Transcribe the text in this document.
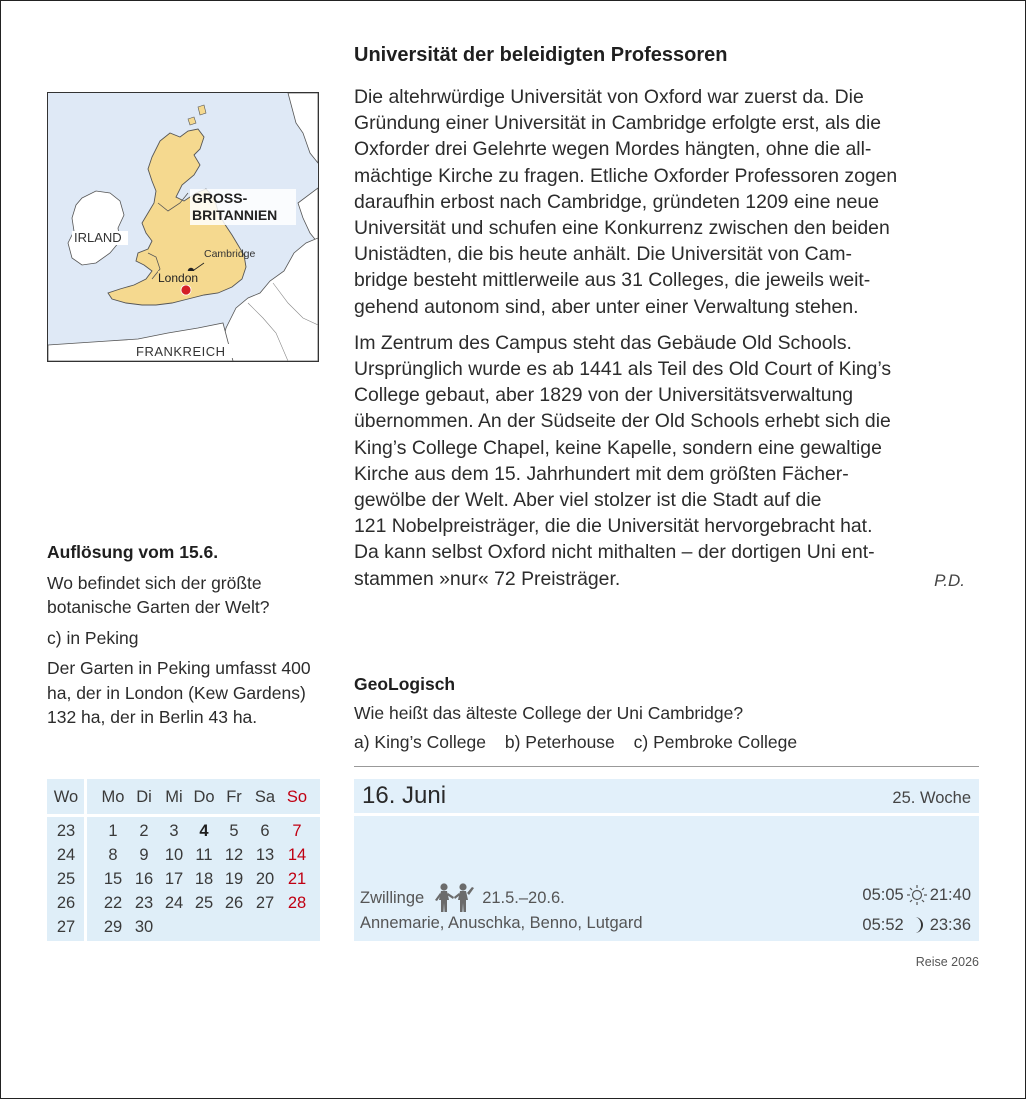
GROSS-
BRITANNIEN
IRLAND
Cambridge
London
FRANKREICH
Universität der beleidigten Professoren

Die altehrwürdige Universität von Oxford war zuerst da. Die
Gründung einer Universität in Cambridge erfolgte erst, als die
Oxforder drei Gelehrte wegen Mordes hängten, ohne die all-
mächtige Kirche zu fragen. Etliche Oxforder Professoren zogen
daraufhin erbost nach Cambridge, gründeten 1209 eine neue
Universität und schufen eine Konkurrenz zwischen den beiden
Unistädten, die bis heute anhält. Die Universität von Cam-
bridge besteht mittlerweile aus 31 Colleges, die jeweils weit-
gehend autonom sind, aber unter einer Verwaltung stehen.

Im Zentrum des Campus steht das Gebäude Old Schools.
Ursprünglich wurde es ab 1441 als Teil des Old Court of King’s
College gebaut, aber 1829 von der Universitätsverwaltung
übernommen. An der Südseite der Old Schools erhebt sich die
King’s College Chapel, keine Kapelle, sondern eine gewaltige
Kirche aus dem 15. Jahrhundert mit dem größten Fächer-
gewölbe der Welt. Aber viel stolzer ist die Stadt auf die
121 Nobelpreisträger, die die Universität hervorgebracht hat.
Da kann selbst Oxford nicht mithalten – der dortigen Uni ent-
stammen »nur« 72 Preisträger.	P.D.

Auflösung vom 15.6.

Wo befindet sich der größte botanische Garten der Welt?

c) in Peking

Der Garten in Peking umfasst 400 ha, der in London (Kew Gardens) 132 ha, der in Berlin 43 ha.

GeoLogisch
Wie heißt das älteste College der Uni Cambridge?
a) King’s College b) Peterhouse c) Pembroke College
Wo Mo Di Mi Do Fr Sa So
23	1	2	3	4	5	6	7
24	8	9 10 11 12 13 14
25	15 16 17 18 19 20 21
26	22 23 24 25 26 27 28
27	29 30
16. Juni	25. Woche
Zwillinge	21.5.–20.6.
Annemarie, Anuschka, Benno, Lutgard
05:05 21:40
05:52 23:36
Reise 2026
